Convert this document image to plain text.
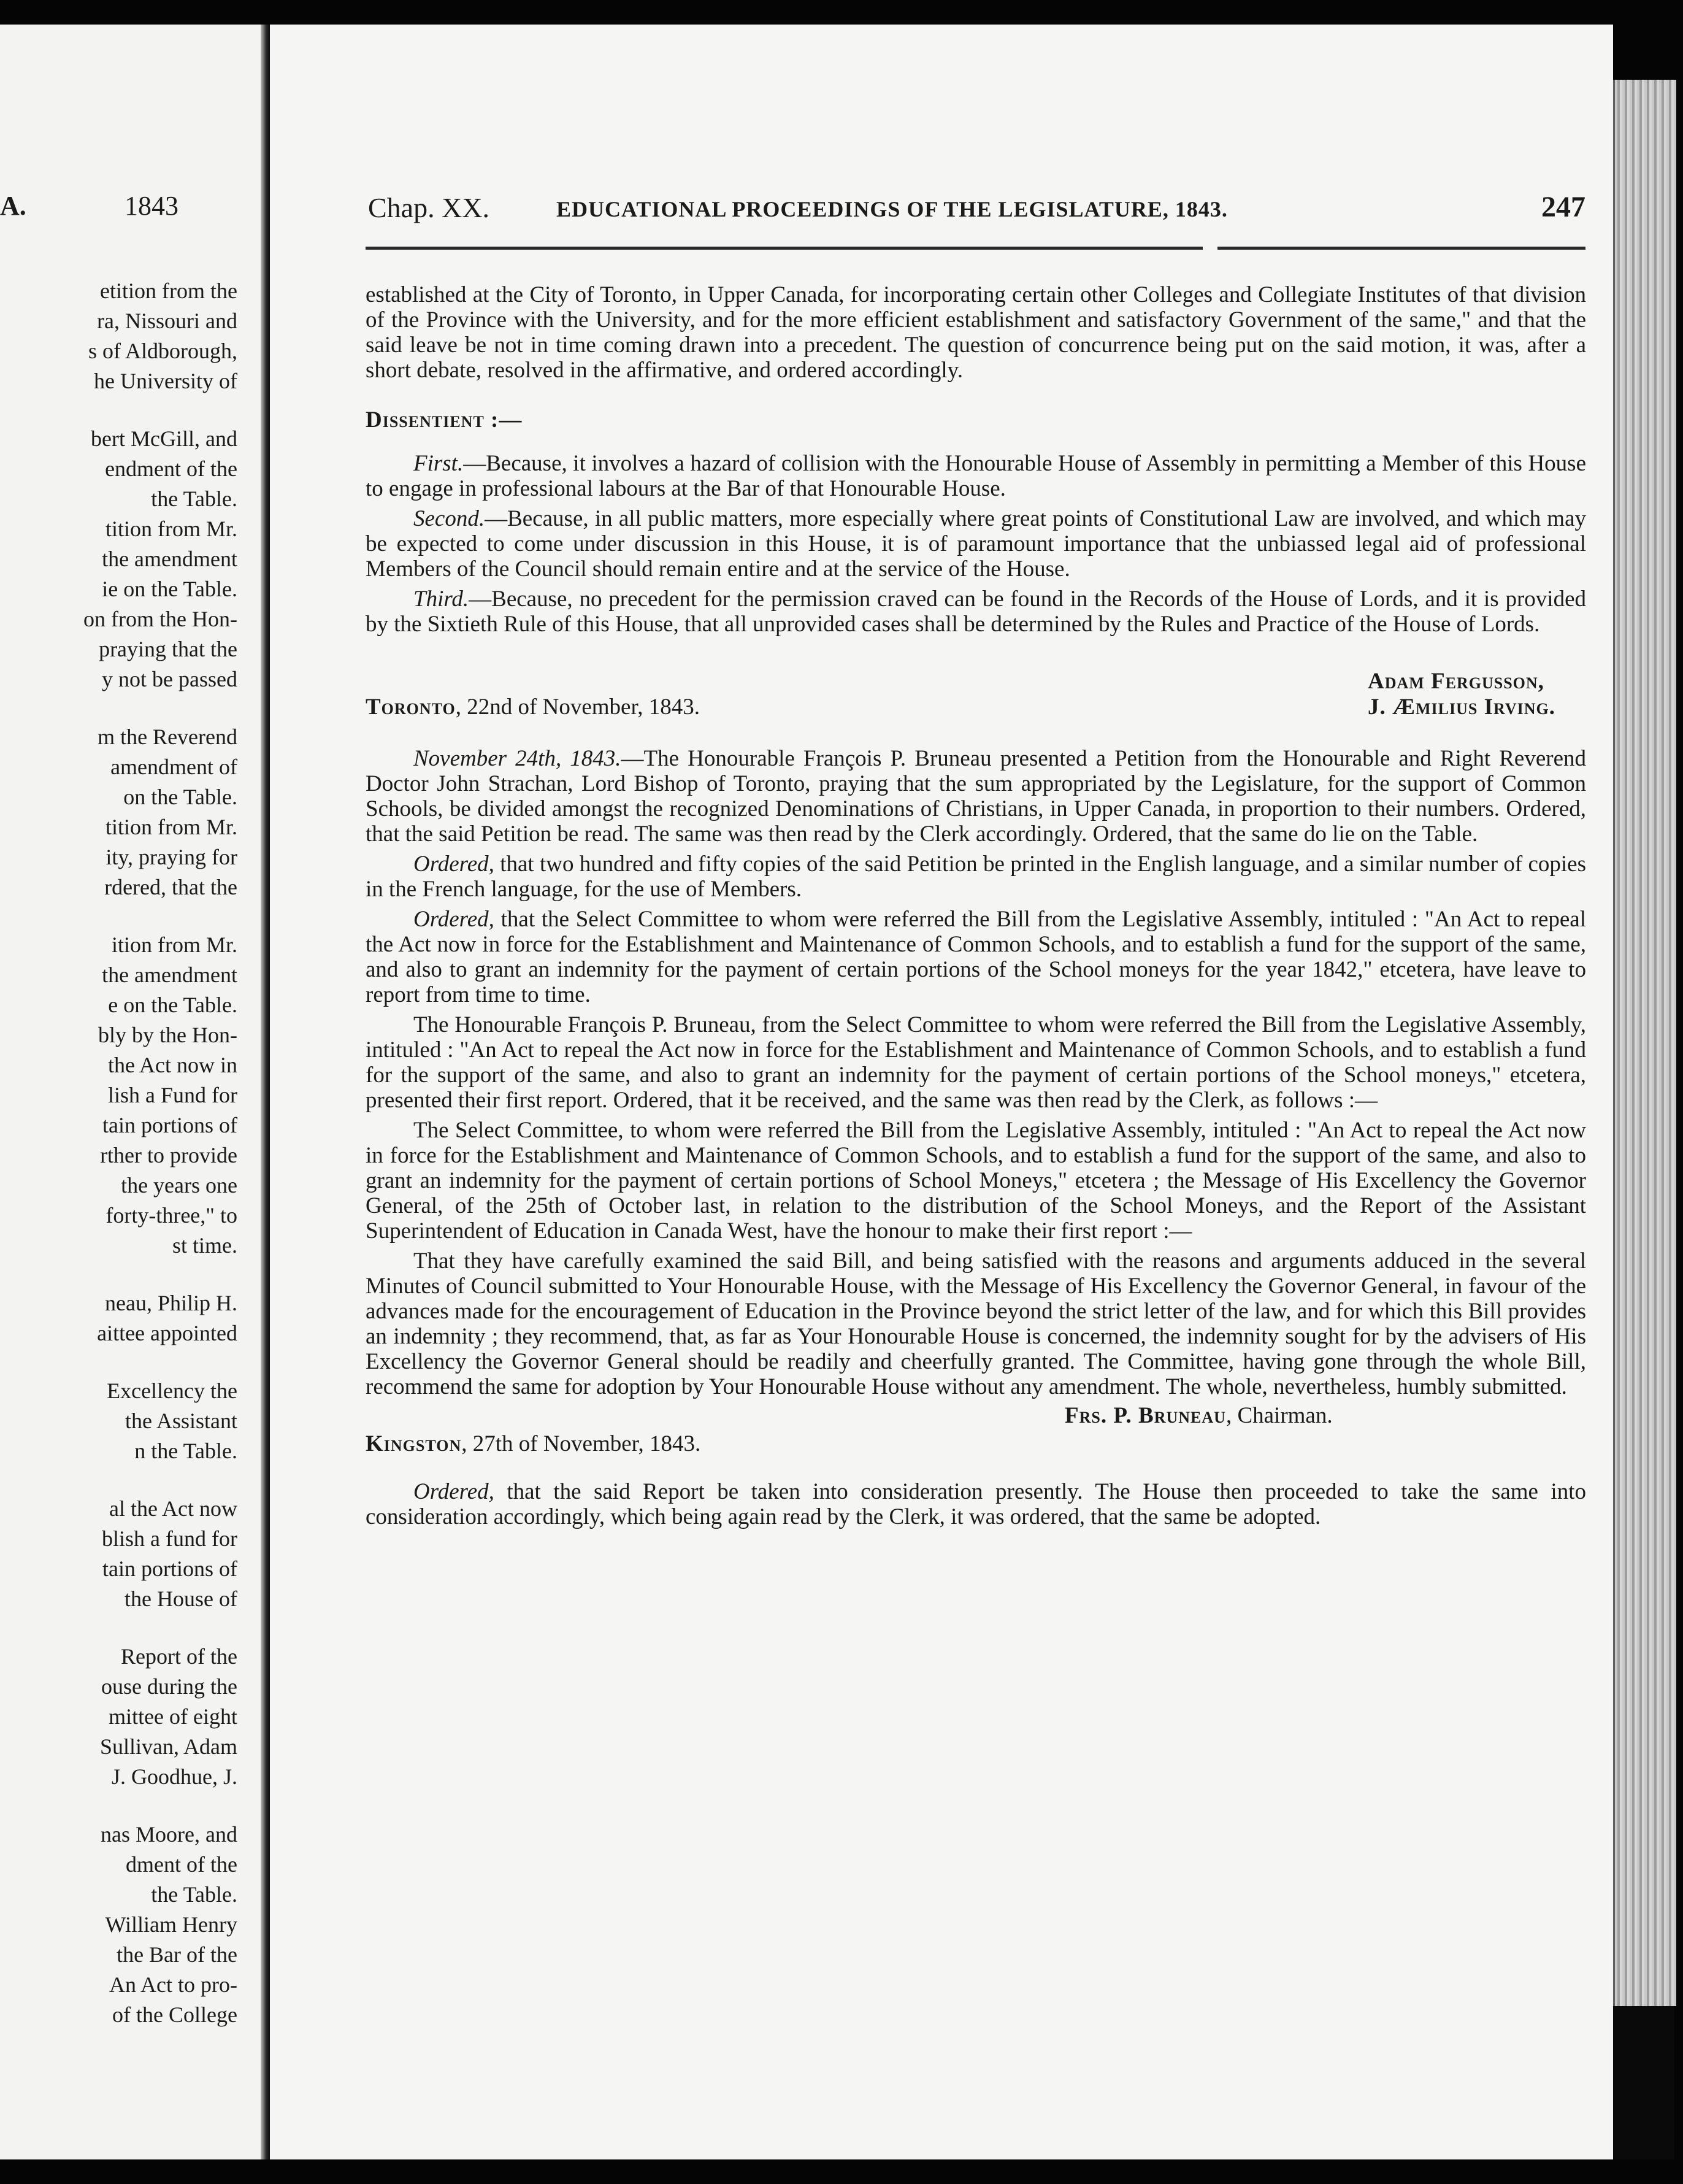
A.	1843
etition from the
ra, Nissouri and
s of Aldborough,
he University of
bert McGill, and
endment of the
the Table.
tition from Mr.
the amendment
ie on the Table.
on from the Hon-
praying that the
y not be passed
m the Reverend
amendment of
on the Table.
tition from Mr.
ity, praying for
rdered, that the
ition from Mr.
the amendment
e on the Table.
bly by the Hon-
the Act now in
lish a Fund for
tain portions of
rther to provide
the years one
forty-three," to
st time.
neau, Philip H.
aittee appointed
Excellency the
the Assistant
n the Table.
al the Act now
blish a fund for
tain portions of
the House of
Report of the
ouse during the
mittee of eight
Sullivan, Adam
J. Goodhue, J.
nas Moore, and
dment of the
the Table.
William Henry
the Bar of the
An Act to pro-
of the College
Chap. XX.	EDUCATIONAL PROCEEDINGS OF THE LEGISLATURE, 1843.	247

established at the City of Toronto, in Upper Canada, for incorporating certain other Colleges and Collegiate Institutes of that division of the Province with the University, and for the more efficient establishment and satisfactory Government of the same," and that the said leave be not in time coming drawn into a precedent. The question of concurrence being put on the said motion, it was, after a short debate, resolved in the affirmative, and ordered accordingly.

Dissentient :—

First.—Because, it involves a hazard of collision with the Honourable House of Assembly in permitting a Member of this House to engage in professional labours at the Bar of that Honourable House.

Second.—Because, in all public matters, more especially where great points of Constitutional Law are involved, and which may be expected to come under discussion in this House, it is of paramount importance that the unbiassed legal aid of professional Members of the Council should remain entire and at the service of the House.

Third.—Because, no precedent for the permission craved can be found in the Records of the House of Lords, and it is provided by the Sixtieth Rule of this House, that all unprovided cases shall be determined by the Rules and Practice of the House of Lords.

Toronto, 22nd of November, 1843.
Adam Fergusson,
J. Æmilius Irving.

November 24th, 1843.—The Honourable François P. Bruneau presented a Petition from the Honourable and Right Reverend Doctor John Strachan, Lord Bishop of Toronto, praying that the sum appropriated by the Legislature, for the support of Common Schools, be divided amongst the recognized Denominations of Christians, in Upper Canada, in proportion to their numbers. Ordered, that the said Petition be read. The same was then read by the Clerk accordingly. Ordered, that the same do lie on the Table.

Ordered, that two hundred and fifty copies of the said Petition be printed in the English language, and a similar number of copies in the French language, for the use of Members.

Ordered, that the Select Committee to whom were referred the Bill from the Legislative Assembly, intituled : "An Act to repeal the Act now in force for the Establishment and Maintenance of Common Schools, and to establish a fund for the support of the same, and also to grant an indemnity for the payment of certain portions of the School moneys for the year 1842," etcetera, have leave to report from time to time.

The Honourable François P. Bruneau, from the Select Committee to whom were referred the Bill from the Legislative Assembly, intituled : "An Act to repeal the Act now in force for the Establishment and Maintenance of Common Schools, and to establish a fund for the support of the same, and also to grant an indemnity for the payment of certain portions of the School moneys," etcetera, presented their first report. Ordered, that it be received, and the same was then read by the Clerk, as follows :—

The Select Committee, to whom were referred the Bill from the Legislative Assembly, intituled : "An Act to repeal the Act now in force for the Establishment and Maintenance of Common Schools, and to establish a fund for the support of the same, and also to grant an indemnity for the payment of certain portions of School Moneys," etcetera ; the Message of His Excellency the Governor General, of the 25th of October last, in relation to the distribution of the School Moneys, and the Report of the Assistant Superintendent of Education in Canada West, have the honour to make their first report :—

That they have carefully examined the said Bill, and being satisfied with the reasons and arguments adduced in the several Minutes of Council submitted to Your Honourable House, with the Message of His Excellency the Governor General, in favour of the advances made for the encouragement of Education in the Province beyond the strict letter of the law, and for which this Bill provides an indemnity ; they recommend, that, as far as Your Honourable House is concerned, the indemnity sought for by the advisers of His Excellency the Governor General should be readily and cheerfully granted. The Committee, having gone through the whole Bill, recommend the same for adoption by Your Honourable House without any amendment. The whole, nevertheless, humbly submitted.

Frs. P. Bruneau, Chairman.
Kingston, 27th of November, 1843.

Ordered, that the said Report be taken into consideration presently. The House then proceeded to take the same into consideration accordingly, which being again read by the Clerk, it was ordered, that the same be adopted.
